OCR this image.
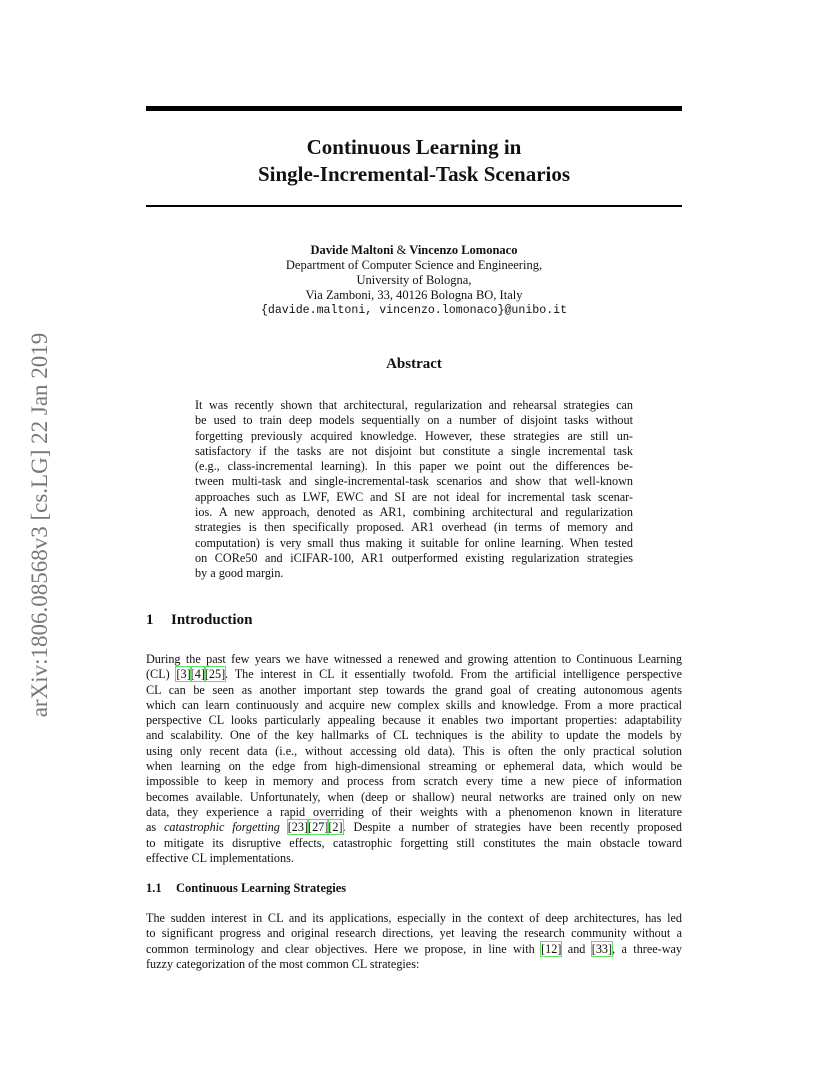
arXiv:1806.08568v3 [cs.LG] 22 Jan 2019
Continuous Learning in
Single-Incremental-Task Scenarios
Davide Maltoni & Vincenzo Lomonaco
Department of Computer Science and Engineering,
University of Bologna,
Via Zamboni, 33, 40126 Bologna BO, Italy
{davide.maltoni, vincenzo.lomonaco}@unibo.it
Abstract
It was recently shown that architectural, regularization and rehearsal strategies can
be used to train deep models sequentially on a number of disjoint tasks without
forgetting previously acquired knowledge. However, these strategies are still un-
satisfactory if the tasks are not disjoint but constitute a single incremental task
(e.g., class-incremental learning). In this paper we point out the differences be-
tween multi-task and single-incremental-task scenarios and show that well-known
approaches such as LWF, EWC and SI are not ideal for incremental task scenar-
ios. A new approach, denoted as AR1, combining architectural and regularization
strategies is then specifically proposed. AR1 overhead (in terms of memory and
computation) is very small thus making it suitable for online learning. When tested
on CORe50 and iCIFAR-100, AR1 outperformed existing regularization strategies
by a good margin.
1 Introduction
During the past few years we have witnessed a renewed and growing attention to Continuous Learning
(CL) [3][4][25]. The interest in CL it essentially twofold. From the artificial intelligence perspective
CL can be seen as another important step towards the grand goal of creating autonomous agents
which can learn continuously and acquire new complex skills and knowledge. From a more practical
perspective CL looks particularly appealing because it enables two important properties: adaptability
and scalability. One of the key hallmarks of CL techniques is the ability to update the models by
using only recent data (i.e., without accessing old data). This is often the only practical solution
when learning on the edge from high-dimensional streaming or ephemeral data, which would be
impossible to keep in memory and process from scratch every time a new piece of information
becomes available. Unfortunately, when (deep or shallow) neural networks are trained only on new
data, they experience a rapid overriding of their weights with a phenomenon known in literature
as catastrophic forgetting [23][27][2]. Despite a number of strategies have been recently proposed
to mitigate its disruptive effects, catastrophic forgetting still constitutes the main obstacle toward
effective CL implementations.
1.1 Continuous Learning Strategies
The sudden interest in CL and its applications, especially in the context of deep architectures, has led
to significant progress and original research directions, yet leaving the research community without a
common terminology and clear objectives. Here we propose, in line with [12] and [33], a three-way
fuzzy categorization of the most common CL strategies:
